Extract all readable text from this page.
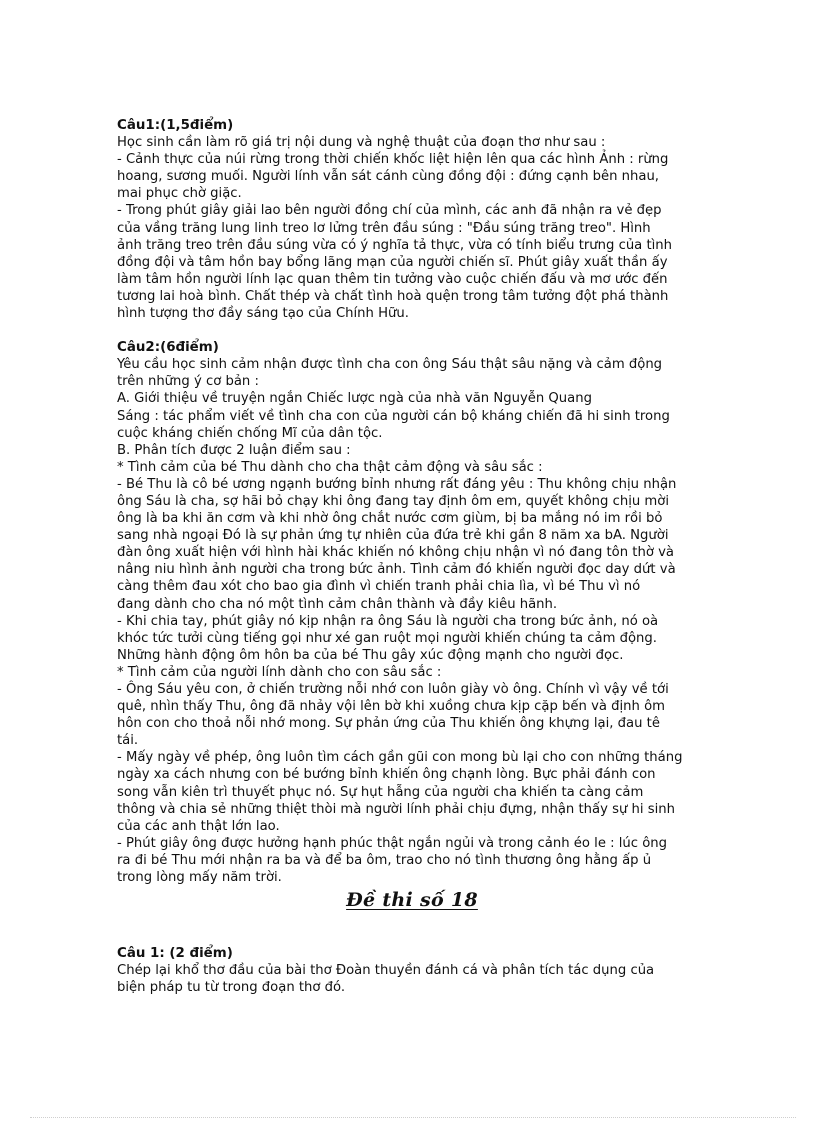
Câu1:(1,5điểm)

Học sinh cần làm rõ giá trị nội dung và nghệ thuật của đoạn thơ như sau :
- Cảnh thực của núi rừng trong thời chiến khốc liệt hiện lên qua các hình Ảnh : rừng
hoang, sương muối. Người lính vẫn sát cánh cùng đồng đội : đứng cạnh bên nhau,
mai phục chờ giặc.
- Trong phút giây giải lao bên người đồng chí của mình, các anh đã nhận ra vẻ đẹp
của vầng trăng lung linh treo lơ lửng trên đầu súng : "Đầu súng trăng treo". Hình
ảnh trăng treo trên đầu súng vừa có ý nghĩa tả thực, vừa có tính biểu trưng của tình
đồng đội và tâm hồn bay bổng lãng mạn của người chiến sĩ. Phút giây xuất thần ấy
làm tâm hồn người lính lạc quan thêm tin tưởng vào cuộc chiến đấu và mơ ước đến
tương lai hoà bình. Chất thép và chất tình hoà quện trong tâm tưởng đột phá thành
hình tượng thơ đầy sáng tạo của Chính Hữu.

Câu2:(6điểm)

Yêu cầu học sinh cảm nhận được tình cha con ông Sáu thật sâu nặng và cảm động
trên những ý cơ bản :
A. Giới thiệu về truyện ngắn Chiếc lược ngà của nhà văn Nguyễn Quang
Sáng : tác phẩm viết về tình cha con của người cán bộ kháng chiến đã hi sinh trong
cuộc kháng chiến chống Mĩ của dân tộc.
B. Phân tích được 2 luận điểm sau :
* Tình cảm của bé Thu dành cho cha thật cảm động và sâu sắc :
- Bé Thu là cô bé ương ngạnh bướng bỉnh nhưng rất đáng yêu : Thu không chịu nhận
ông Sáu là cha, sợ hãi bỏ chạy khi ông đang tay định ôm em, quyết không chịu mời
ông là ba khi ăn cơm và khi nhờ ông chắt nước cơm giùm, bị ba mắng nó im rồi bỏ
sang nhà ngoại Đó là sự phản ứng tự nhiên của đứa trẻ khi gần 8 năm xa bA. Người
đàn ông xuất hiện với hình hài khác khiến nó không chịu nhận vì nó đang tôn thờ và
nâng niu hình ảnh người cha trong bức ảnh. Tình cảm đó khiến người đọc day dứt và
càng thêm đau xót cho bao gia đình vì chiến tranh phải chia lìa, vì bé Thu vì nó
đang dành cho cha nó một tình cảm chân thành và đầy kiêu hãnh.
- Khi chia tay, phút giây nó kịp nhận ra ông Sáu là người cha trong bức ảnh, nó oà
khóc tức tưởi cùng tiếng gọi như xé gan ruột mọi người khiến chúng ta cảm động.
Những hành động ôm hôn ba của bé Thu gây xúc động mạnh cho người đọc.
* Tình cảm của người lính dành cho con sâu sắc :
- Ông Sáu yêu con, ở chiến trường nỗi nhớ con luôn giày vò ông. Chính vì vậy về tới
quê, nhìn thấy Thu, ông đã nhảy vội lên bờ khi xuồng chưa kịp cặp bến và định ôm
hôn con cho thoả nỗi nhớ mong. Sự phản ứng của Thu khiến ông khựng lại, đau tê
tái.
- Mấy ngày về phép, ông luôn tìm cách gần gũi con mong bù lại cho con những tháng
ngày xa cách nhưng con bé bướng bỉnh khiến ông chạnh lòng. Bực phải đánh con
song vẫn kiên trì thuyết phục nó. Sự hụt hẫng của người cha khiến ta càng cảm
thông và chia sẻ những thiệt thòi mà người lính phải chịu đựng, nhận thấy sự hi sinh
của các anh thật lớn lao.
- Phút giây ông được hưởng hạnh phúc thật ngắn ngủi và trong cảnh éo le : lúc ông
ra đi bé Thu mới nhận ra ba và để ba ôm, trao cho nó tình thương ông hằng ấp ủ
trong lòng mấy năm trời.

Đề thi số 18

Câu 1: (2 điểm)

Chép lại khổ thơ đầu của bài thơ Đoàn thuyền đánh cá và phân tích tác dụng của
biện pháp tu từ trong đoạn thơ đó.
